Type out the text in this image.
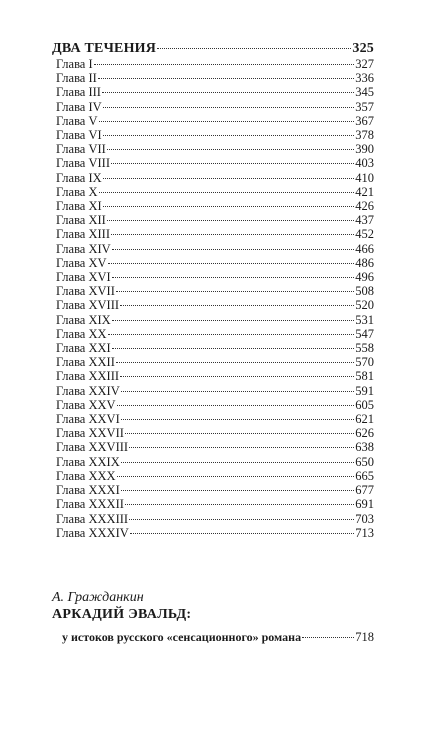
ДВА ТЕЧЕНИЯ	325
Глава I	327
Глава II	336
Глава III	345
Глава IV	357
Глава V	367
Глава VI	378
Глава VII	390
Глава VIII	403
Глава IX	410
Глава X	421
Глава XI	426
Глава XII	437
Глава XIII	452
Глава XIV	466
Глава XV	486
Глава XVI	496
Глава XVII	508
Глава XVIII	520
Глава XIX	531
Глава XX	547
Глава XXI	558
Глава XXII	570
Глава XXIII	581
Глава XXIV	591
Глава XXV	605
Глава XXVI	621
Глава XXVII	626
Глава XXVIII	638
Глава XXIX	650
Глава XXX	665
Глава XXXI	677
Глава XXXII	691
Глава XXXIII	703
Глава XXXIV	713
А. Гражданкин
АРКАДИЙ ЭВАЛЬД:
у истоков русского «сенсационного» романа	718
